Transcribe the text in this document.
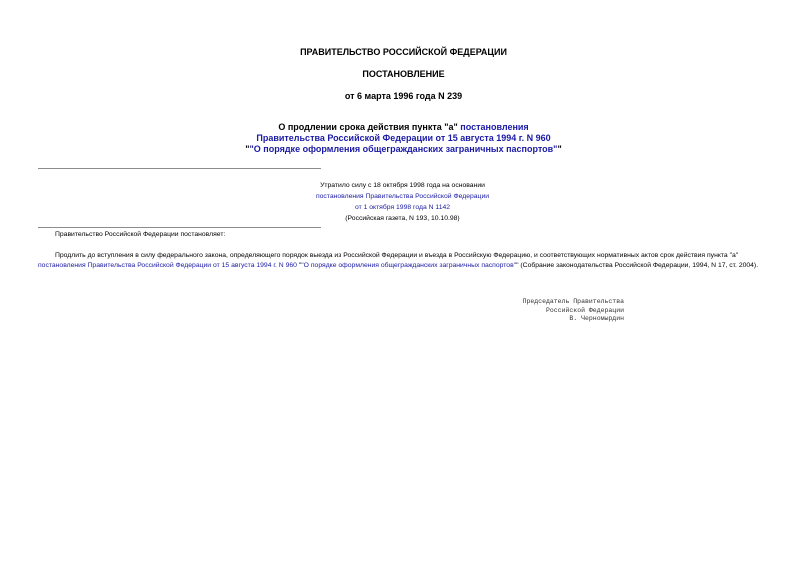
ПРАВИТЕЛЬСТВО РОССИЙСКОЙ ФЕДЕРАЦИИ
ПОСТАНОВЛЕНИЕ
от 6 марта 1996 года N 239
О продлении срока действия пункта "а" постановления
Правительства Российской Федерации от 15 августа 1994 г. N 960
""О порядке оформления общегражданских заграничных паспортов""
Утратило силу с 18 октября 1998 года на основании
постановления Правительства Российской Федерации
от 1 октября 1998 года N 1142
(Российская газета, N 193, 10.10.98)
Правительство Российской Федерации постановляет:
Продлить до вступления в силу федерального закона, определяющего порядок выезда из Российской Федерации и въезда в Российскую Федерацию, и соответствующих нормативных актов срок действия пункта "а" постановления Правительства Российской Федерации от 15 августа 1994 г. N 960 ""О порядке оформления общегражданских заграничных паспортов"" (Собрание законодательства Российской Федерации, 1994, N 17, ст. 2004).
Председатель Правительства
Российской Федерации
В. Черномырдин
